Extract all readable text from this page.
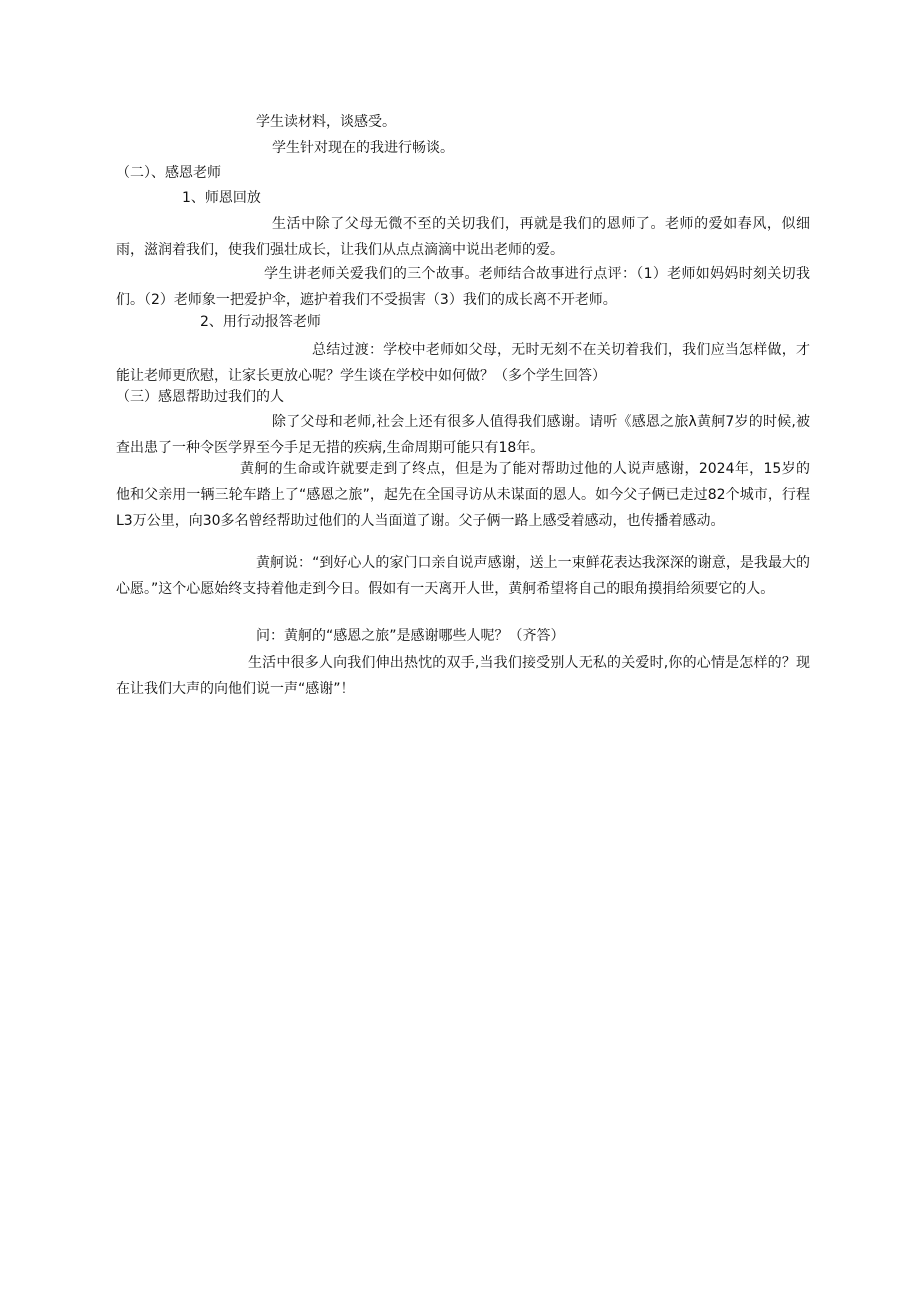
学生读材料，谈感受。

学生针对现在的我进行畅谈。

（二）、感恩老师

1、师恩回放

生活中除了父母无微不至的关切我们，再就是我们的恩师了。老师的爱如春风，似细雨，滋润着我们，使我们强壮成长，让我们从点点滴滴中说出老师的爱。

学生讲老师关爱我们的三个故事。老师结合故事进行点评：（1）老师如妈妈时刻关切我们。（2）老师象一把爱护伞，遮护着我们不受损害（3）我们的成长离不开老师。

2、用行动报答老师

总结过渡：学校中老师如父母，无时无刻不在关切着我们，我们应当怎样做，才能让老师更欣慰，让家长更放心呢？学生谈在学校中如何做？（多个学生回答）

（三）感恩帮助过我们的人

除了父母和老师,社会上还有很多人值得我们感谢。请听《感恩之旅λ黄舸7岁的时候,被查出患了一种令医学界至今手足无措的疾病,生命周期可能只有18年。

黄舸的生命或许就要走到了终点，但是为了能对帮助过他的人说声感谢，2024年，15岁的他和父亲用一辆三轮车踏上了“感恩之旅”，起先在全国寻访从未谋面的恩人。如今父子俩已走过82个城市，行程L3万公里，向30多名曾经帮助过他们的人当面道了谢。父子俩一路上感受着感动，也传播着感动。

黄舸说：“到好心人的家门口亲自说声感谢，送上一束鲜花表达我深深的谢意，是我最大的心愿。”这个心愿始终支持着他走到今日。假如有一天离开人世，黄舸希望将自己的眼角摸捐给须要它的人。

问：黄舸的“感恩之旅”是感谢哪些人呢？（齐答）

生活中很多人向我们伸出热忱的双手,当我们接受别人无私的关爱时,你的心情是怎样的？现在让我们大声的向他们说一声“感谢”！
